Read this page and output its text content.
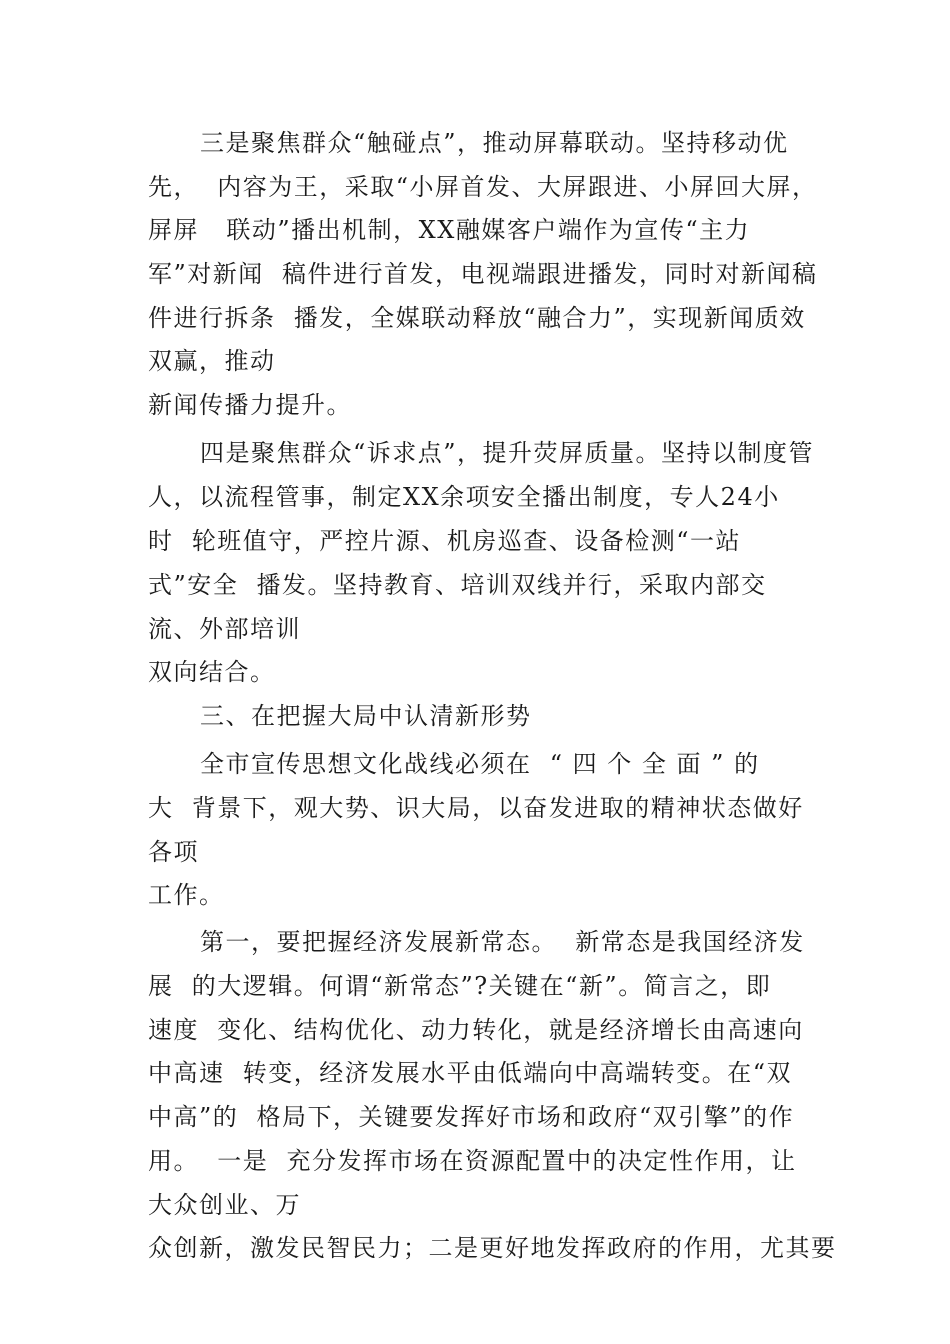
三是聚焦群众“触碰点”，推动屏幕联动。坚持移动优
先，  内容为王，采取“小屏首发、大屏跟进、小屏回大屏，
屏屏   联动”播出机制，XX融媒客户端作为宣传“主力
军”对新闻  稿件进行首发，电视端跟进播发，同时对新闻稿
件进行拆条  播发，全媒联动释放“融合力”，实现新闻质效
双赢，推动
新闻传播力提升。
四是聚焦群众“诉求点”，提升荧屏质量。坚持以制度管
人，以流程管事，制定XX余项安全播出制度，专人24小
时  轮班值守，严控片源、机房巡查、设备检测“一站
式”安全  播发。坚持教育、培训双线并行，采取内部交
流、外部培训
双向结合。
三、在把握大局中认清新形势
全市宣传思想文化战线必须在  “ 四 个 全 面 ” 的
大  背景下，观大势、识大局，以奋发进取的精神状态做好
各项
工作。
第一，要把握经济发展新常态。  新常态是我国经济发
展  的大逻辑。何谓“新常态”?关键在“新”。简言之，即
速度  变化、结构优化、动力转化，就是经济增长由高速向
中高速  转变，经济发展水平由低端向中高端转变。在“双
中高”的  格局下，关键要发挥好市场和政府“双引擎”的作
用。  一是  充分发挥市场在资源配置中的决定性作用，让
大众创业、万
众创新，激发民智民力；二是更好地发挥政府的作用，尤其要
